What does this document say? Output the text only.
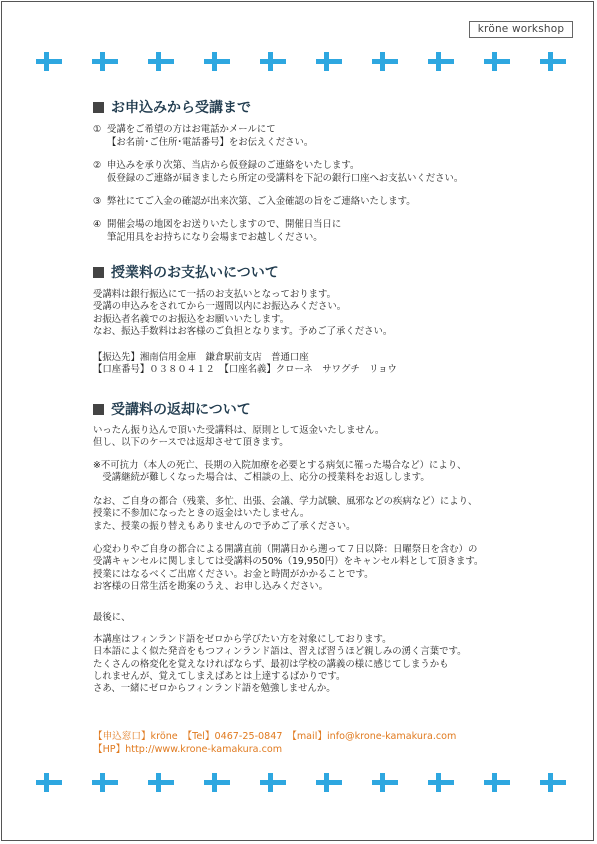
kröne workshop
お申込みから受講まで
① 受講をご希望の方はお電話かメールにて
【お名前･ご住所･電話番号】をお伝えください。
② 申込みを承り次第、当店から仮登録のご連絡をいたします。
仮登録のご連絡が届きましたら所定の受講料を下記の銀行口座へお支払いください。
③ 弊社にてご入金の確認が出来次第、ご入金確認の旨をご連絡いたします。
④ 開催会場の地図をお送りいたしますので、開催日当日に
筆記用具をお持ちになり会場までお越しください。
授業料のお支払いについて
受講料は銀行振込にて一括のお支払いとなっております。
受講の申込みをされてから一週間以内にお振込みください。
お振込者名義でのお振込をお願いいたします。
なお、振込手数料はお客様のご負担となります。予めご了承ください。
【振込先】湘南信用金庫　鎌倉駅前支店　普通口座
【口座番号】０３８０４１２　【口座名義】クローネ　サワグチ　リョウ
受講料の返却について
いったん振り込んで頂いた受講料は、原則として返金いたしません。
但し、以下のケースでは返却させて頂きます。
※不可抗力（本人の死亡、長期の入院加療を必要とする病気に罹った場合など）により、
　受講継続が難しくなった場合は、ご相談の上、応分の授業料をお返しします。
なお、ご自身の都合（残業、多忙、出張、会議、学力試験、風邪などの疾病など）により、
授業に不参加になったときの返金はいたしません。
また、授業の振り替えもありませんので予めご了承ください。
心変わりやご自身の都合による開講直前（開講日から遡って７日以降：日曜祭日を含む）の
受講キャンセルに関しましては受講料の50%（19,950円）をキャンセル料として頂きます。
授業にはなるべくご出席ください。お金と時間がかかることです。
お客様の日常生活を勘案のうえ、お申し込みください。
最後に、
本講座はフィンランド語をゼロから学びたい方を対象にしております。
日本語によく似た発音をもつフィンランド語は、習えば習うほど親しみの湧く言葉です。
たくさんの格変化を覚えなければならず、最初は学校の講義の様に感じてしまうかも
しれませんが、覚えてしまえばあとは上達するばかりです。
さあ、一緒にゼロからフィンランド語を勉強しませんか。
【申込窓口】kröne　【Tel】0467-25-0847　【mail】info@krone-kamakura.com
【HP】http://www.krone-kamakura.com
